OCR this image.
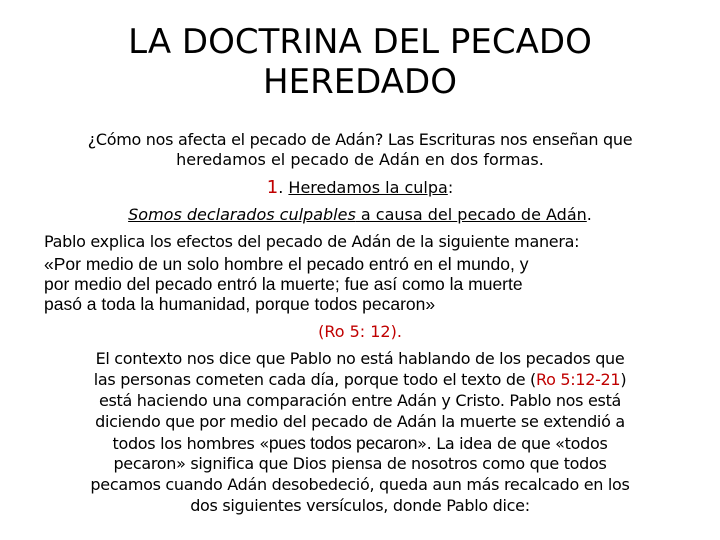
LA DOCTRINA DEL PECADO
HEREDADO
¿Cómo nos afecta el pecado de Adán? Las Escrituras nos enseñan que
heredamos el pecado de Adán en dos formas.
1. Heredamos la culpa:
Somos declarados culpables a causa del pecado de Adán.
Pablo explica los efectos del pecado de Adán de la siguiente manera:
«Por medio de un solo hombre el pecado entró en el mundo, y
por medio del pecado entró la muerte; fue así como la muerte
pasó a toda la humanidad, porque todos pecaron»
(Ro 5: 12).
El contexto nos dice que Pablo no está hablando de los pecados que
las personas cometen cada día, porque todo el texto de (Ro 5:12-21)
está haciendo una comparación entre Adán y Cristo. Pablo nos está
diciendo que por medio del pecado de Adán la muerte se extendió a
todos los hombres «pues todos pecaron». La idea de que «todos
pecaron» significa que Dios piensa de nosotros como que todos
pecamos cuando Adán desobedeció, queda aun más recalcado en los
dos siguientes versículos, donde Pablo dice:
